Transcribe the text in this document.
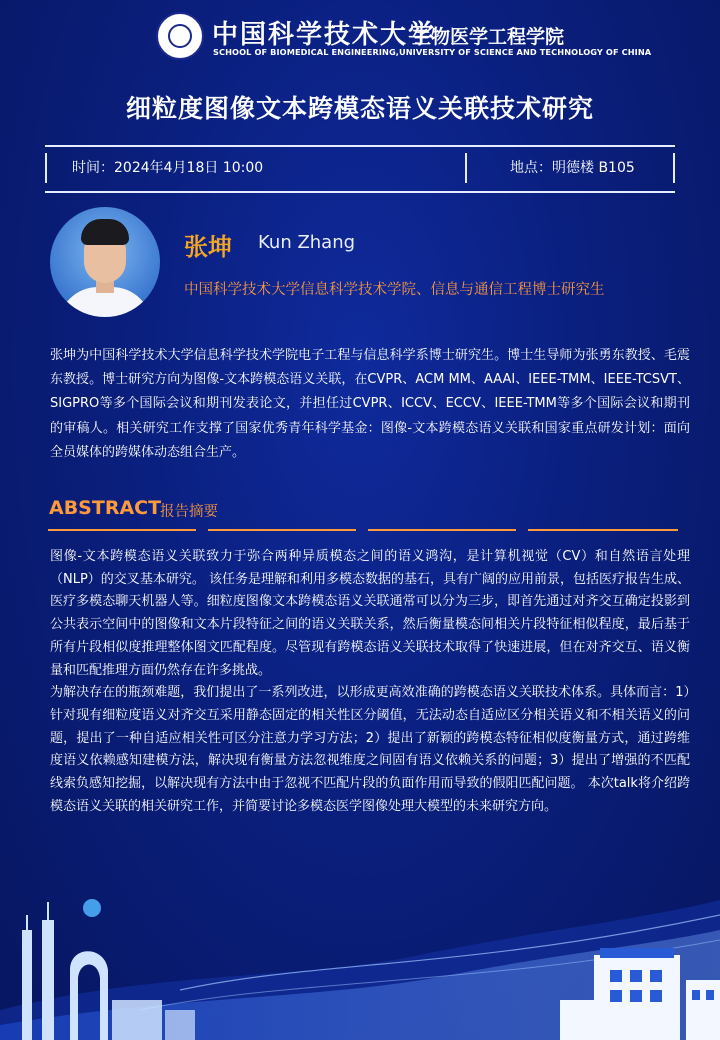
中国科学技术大学
生物医学工程学院
SCHOOL OF BIOMEDICAL ENGINEERING,UNIVERSITY OF SCIENCE AND TECHNOLOGY OF CHINA
细粒度图像文本跨模态语义关联技术研究
时间：2024年4月18日 10:00	地点：明德楼 B105
张坤 Kun Zhang
中国科学技术大学信息科学技术学院、信息与通信工程博士研究生
张坤为中国科学技术大学信息科学技术学院电子工程与信息科学系博士研究生。博士生导师为张勇东教授、毛震东教授。博士研究方向为图像-文本跨模态语义关联，在CVPR、ACM MM、AAAI、IEEE-TMM、IEEE-TCSVT、SIGPRO等多个国际会议和期刊发表论文，并担任过CVPR、ICCV、ECCV、IEEE-TMM等多个国际会议和期刊的审稿人。相关研究工作支撑了国家优秀青年科学基金：图像-文本跨模态语义关联和国家重点研发计划：面向全员媒体的跨媒体动态组合生产。
ABSTRACT
报告摘要

图像-文本跨模态语义关联致力于弥合两种异质模态之间的语义鸿沟，是计算机视觉（CV）和自然语言处理（NLP）的交叉基本研究。 该任务是理解和利用多模态数据的基石，具有广阔的应用前景，包括医疗报告生成、医疗多模态聊天机器人等。细粒度图像文本跨模态语义关联通常可以分为三步，即首先通过对齐交互确定投影到公共表示空间中的图像和文本片段特征之间的语义关联关系，然后衡量模态间相关片段特征相似程度，最后基于所有片段相似度推理整体图文匹配程度。尽管现有跨模态语义关联技术取得了快速进展，但在对齐交互、语义衡量和匹配推理方面仍然存在许多挑战。

为解决存在的瓶颈难题，我们提出了一系列改进，以形成更高效准确的跨模态语义关联技术体系。具体而言：1）针对现有细粒度语义对齐交互采用静态固定的相关性区分阈值，无法动态自适应区分相关语义和不相关语义的问题，提出了一种自适应相关性可区分注意力学习方法；2）提出了新颖的跨模态特征相似度衡量方式，通过跨维度语义依赖感知建模方法，解决现有衡量方法忽视维度之间固有语义依赖关系的问题；3）提出了增强的不匹配线索负感知挖掘，以解决现有方法中由于忽视不匹配片段的负面作用而导致的假阳匹配问题。 本次talk将介绍跨模态语义关联的相关研究工作，并简要讨论多模态医学图像处理大模型的未来研究方向。
